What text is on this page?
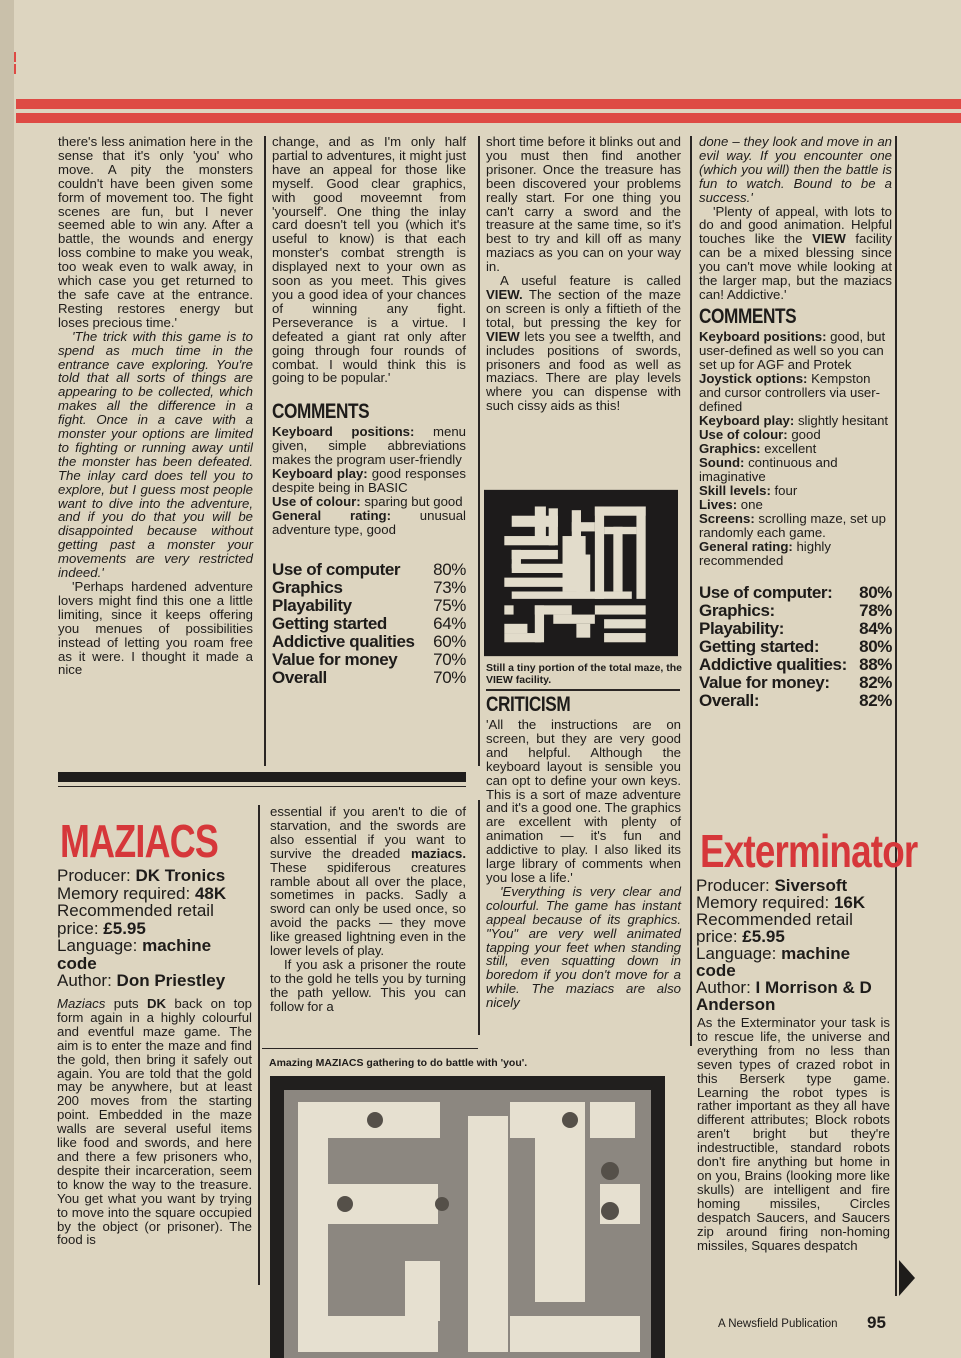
there's less animation here in the sense that it's only 'you' who move. A pity the monsters couldn't have been given some form of movement too. The fight scenes are fun, but I never seemed able to win any. After a battle, the wounds and energy loss combine to make you weak, too weak even to walk away, in which case you get returned to the safe cave at the entrance. Resting restores energy but loses precious time.'

'The trick with this game is to spend as much time in the entrance cave exploring. You're told that all sorts of things are appearing to be collected, which makes all the difference in a fight. Once in a cave with a monster your options are limited to fighting or running away until the monster has been defeated. The inlay card does tell you to explore, but I guess most people want to dive into the adventure, and if you do that you will be disappointed because without getting past a monster your movements are very restricted indeed.'

'Perhaps hardened adventure lovers might find this one a little limiting, since it keeps offering you menues of possibilities instead of letting you roam free as it were. I thought it made a nice

change, and as I'm only half partial to adventures, it might just have an appeal for those like myself. Good clear graphics, with good moveemnt from 'yourself'. One thing the inlay card doesn't tell you (which it's useful to know) is that each monster's combat strength is displayed next to your own as soon as you meet. This gives you a good idea of your chances of winning any fight. Perseverance is a virtue. I defeated a giant rat only after going through four rounds of combat. I would think this is going to be popular.'

COMMENTS
Keyboard positions: menu given, simple abbreviations makes the program user-friendly
Keyboard play: good responses despite being in BASIC
Use of colour: sparing but good
General rating: unusual adventure type, good
Use of computer 80%
Graphics	73%
Playability	75%
Getting started	64%
Addictive qualities 60%
Value for money 70%
Overall	70%

short time before it blinks out and you must then find another prisoner. Once the treasure has been discovered your problems really start. For one thing you can't carry a sword and the treasure at the same time, so it's best to try and kill off as many maziacs as you can on your way in.

A useful feature is called VIEW. The section of the maze on screen is only a fiftieth of the total, but pressing the key for VIEW lets you see a twelfth, and includes positions of swords, prisoners and food as well as maziacs. There are play levels where you can dispense with such cissy aids as this!

Still a tiny portion of the total maze, the VIEW facility.
CRITICISM

'All the instructions are on screen, but they are very good and helpful. Although the keyboard layout is sensible you can opt to define your own keys. This is a sort of maze adventure and it's a good one. The graphics are excellent with plenty of animation — it's fun and addictive to play. I also liked its large library of comments when you lose a life.'

'Everything is very clear and colourful. The game has instant appeal because of its graphics. "You" are very well animated tapping your feet when standing still, even squatting down in boredom if you don't move for a while. The maziacs are also nicely

done – they look and move in an evil way. If you encounter one (which you will) then the battle is fun to watch. Bound to be a success.'

'Plenty of appeal, with lots to do and good animation. Helpful touches like the VIEW facility can be a mixed blessing since you can't move while looking at the larger map, but the maziacs can! Addictive.'

COMMENTS
Keyboard positions: good, but user-defined as well so you can set up for AGF and Protek
Joystick options: Kempston and cursor controllers via user-defined
Keyboard play: slightly hesitant
Use of colour: good
Graphics: excellent
Sound: continuous and imaginative
Skill levels: four
Lives: one
Screens: scrolling maze, set up randomly each game.
General rating: highly recommended
Use of computer: 80%
Graphics:	78%
Playability:	84%
Getting started: 80%
Addictive qualities: 88%
Value for money: 82%
Overall:	82%
MAZIACS
Producer: DK Tronics
Memory required: 48K
Recommended retail price: £5.95
Language: machine code
Author: Don Priestley

Maziacs puts DK back on top form again in a highly colourful and eventful maze game. The aim is to enter the maze and find the gold, then bring it safely out again. You are told that the gold may be anywhere, but at least 200 moves from the starting point. Embedded in the maze walls are several useful items like food and swords, and here and there a few prisoners who, despite their incarceration, seem to know the way to the treasure. You get what you want by trying to move into the square occupied by the object (or prisoner). The food is

essential if you aren't to die of starvation, and the swords are also essential if you want to survive the dreaded maziacs. These spidiferous creatures ramble about all over the place, sometimes in packs. Sadly a sword can only be used once, so avoid the packs — they move like greased lightning even in the lower levels of play.

If you ask a prisoner the route to the gold he tells you by turning the path yellow. This you can follow for a

Amazing MAZIACS gathering to do battle with 'you'.
Exterminator
Producer: Siversoft
Memory required: 16K
Recommended retail price: £5.95
Language: machine code
Author: I Morrison & D Anderson

As the Exterminator your task is to rescue life, the universe and everything from no less than seven types of crazed robot in this Berserk type game. Learning the robot types is rather important as they all have different attributes; Block robots aren't bright but they're indestructible, standard robots don't fire anything but home in on you, Brains (looking more like skulls) are intelligent and fire homing missiles, Circles despatch Saucers, and Saucers zip around firing non-homing missiles, Squares despatch

A Newsfield Publication 95
